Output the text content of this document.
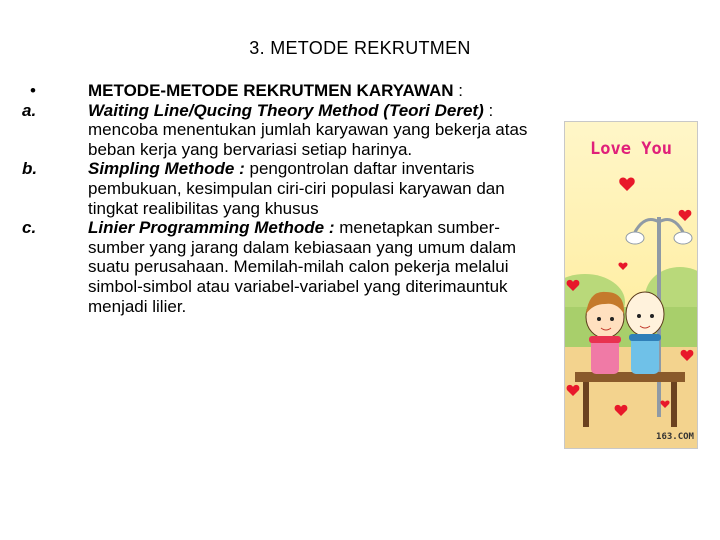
3. METODE REKRUTMEN
•	METODE-METODE REKRUTMEN KARYAWAN :
a.	Waiting Line/Qucing Theory Method (Teori Deret) : mencoba menentukan jumlah karyawan yang bekerja atas beban kerja yang bervariasi setiap harinya.
b.	Simpling Methode : pengontrolan daftar inventaris pembukuan, kesimpulan ciri-ciri populasi karyawan dan tingkat realibilitas yang khusus
c.	Linier Programming Methode : menetapkan sumber-sumber yang jarang dalam kebiasaan yang umum dalam suatu perusahaan. Memilah-milah calon pekerja melalui simbol-simbol atau variabel-variabel yang diterimauntuk menjadi lilier.
Love You
163.COM
